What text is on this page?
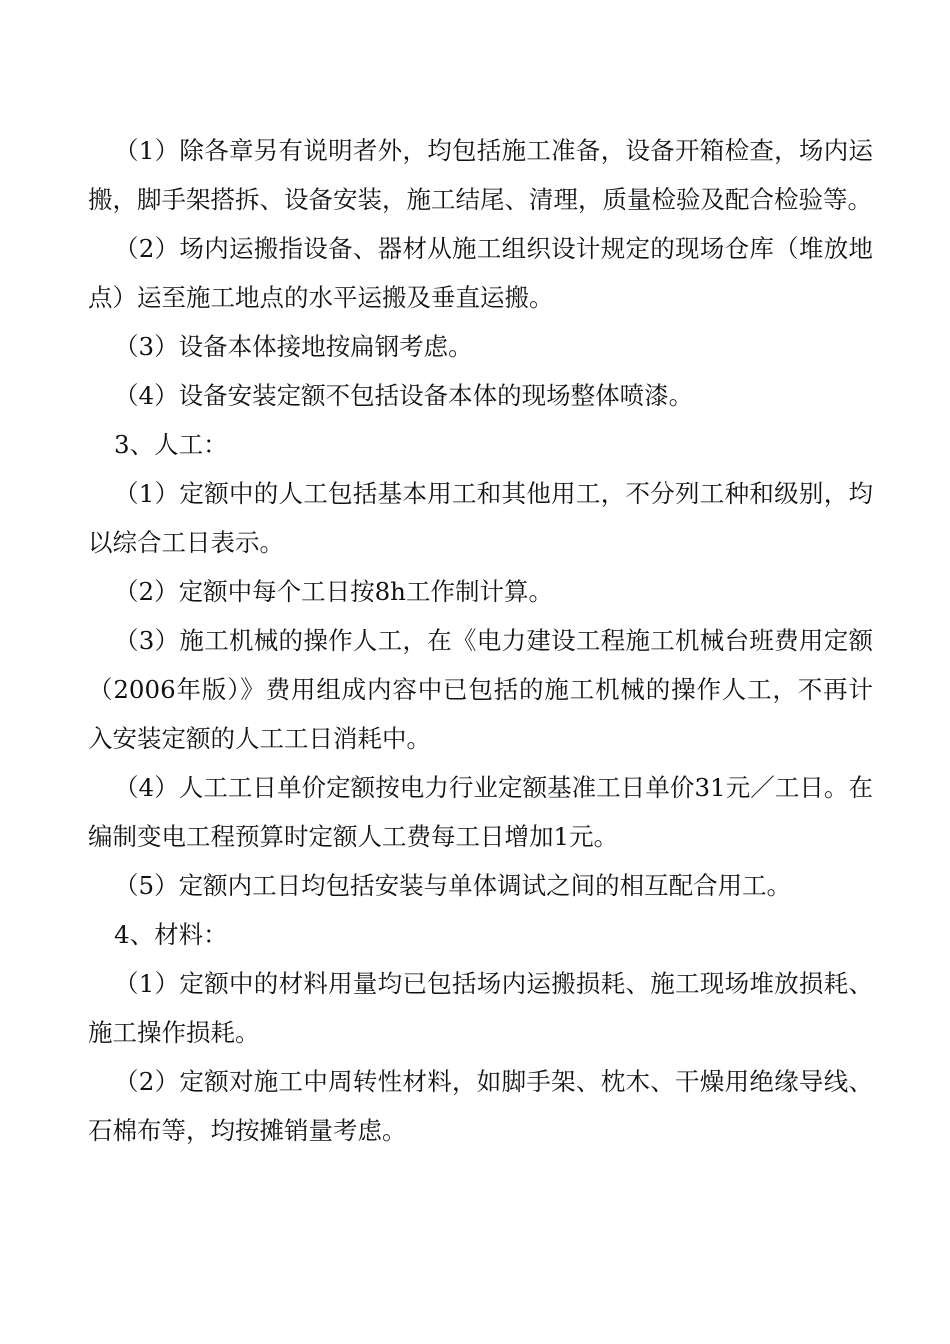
（1）除各章另有说明者外，均包括施工准备，设备开箱检查，场内运搬，脚手架搭拆、设备安装，施工结尾、清理，质量检验及配合检验等。

（2）场内运搬指设备、器材从施工组织设计规定的现场仓库（堆放地点）运至施工地点的水平运搬及垂直运搬。

（3）设备本体接地按扁钢考虑。

（4）设备安装定额不包括设备本体的现场整体喷漆。

3、人工：

（1）定额中的人工包括基本用工和其他用工，不分列工种和级别，均以综合工日表示。

（2）定额中每个工日按8h工作制计算。

（3）施工机械的操作人工，在《电力建设工程施工机械台班费用定额（2006年版）》费用组成内容中已包括的施工机械的操作人工，不再计入安装定额的人工工日消耗中。

（4）人工工日单价定额按电力行业定额基准工日单价31元／工日。在编制变电工程预算时定额人工费每工日增加1元。

（5）定额内工日均包括安装与单体调试之间的相互配合用工。

4、材料：

（1）定额中的材料用量均已包括场内运搬损耗、施工现场堆放损耗、施工操作损耗。

（2）定额对施工中周转性材料，如脚手架、枕木、干燥用绝缘导线、石棉布等，均按摊销量考虑。
